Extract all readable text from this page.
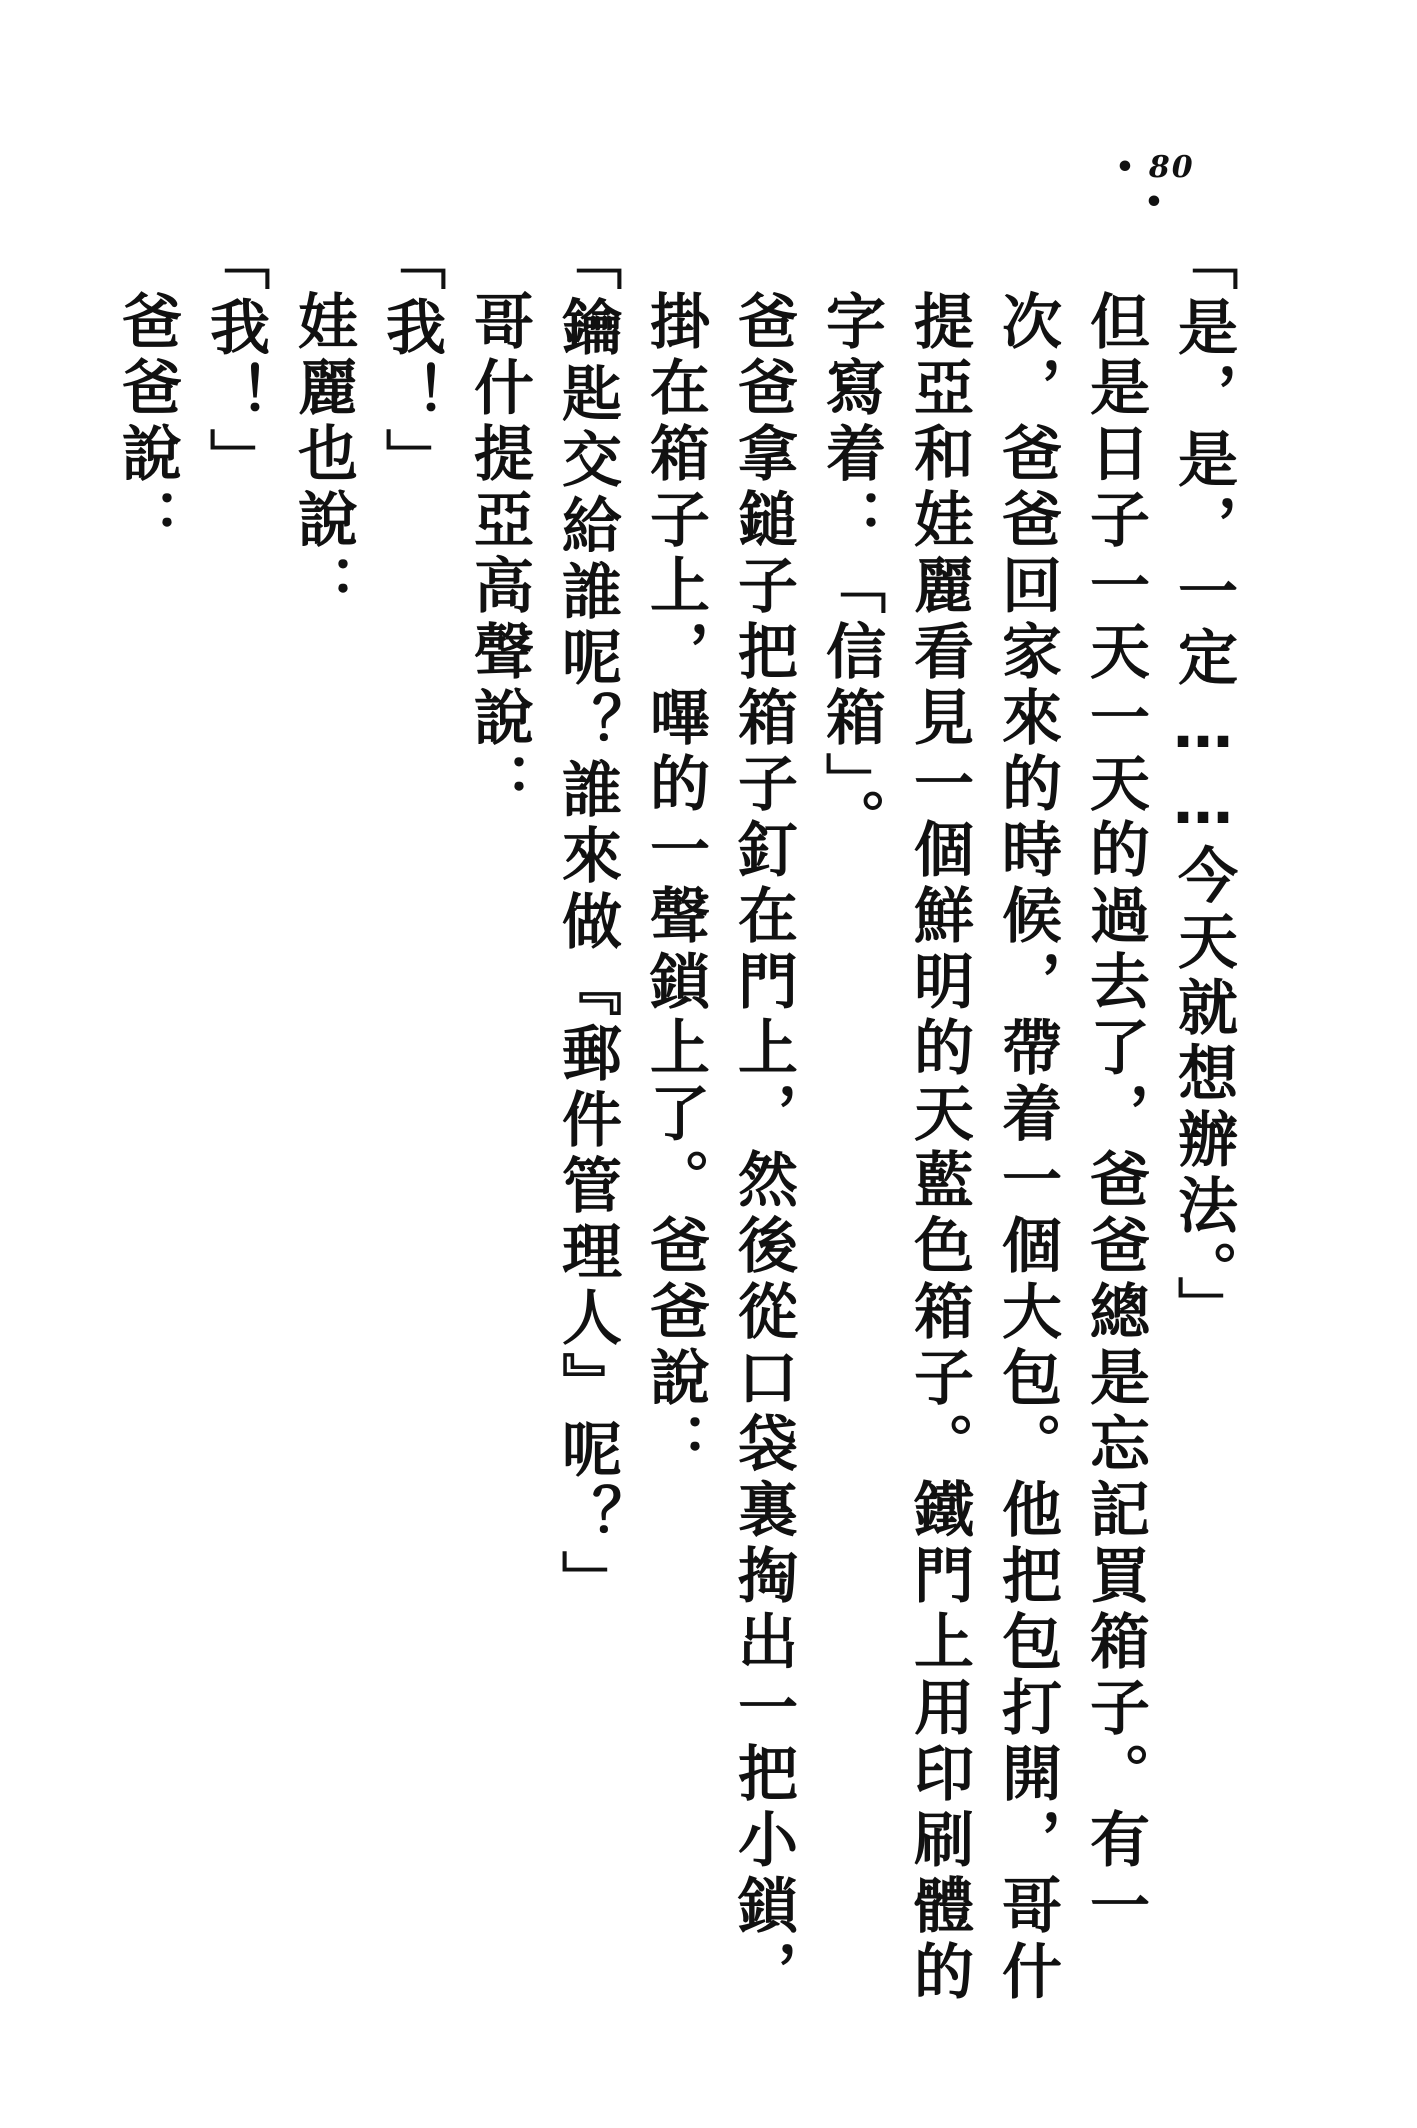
• 80 •

「是，是，一定……今天就想辦法。」

但是日子一天一天的過去了，爸爸總是忘記買箱子。有一次，爸爸回家來的時候，帶着一個大包。他把包打開，哥什提亞和娃麗看見一個鮮明的天藍色箱子。鐵門上用印刷體的字寫着：「信箱」。

爸爸拿鎚子把箱子釘在門上，然後從口袋裏掏出一把小鎖，掛在箱子上，嗶的一聲鎖上了。爸爸說：

「鑰匙交給誰呢？誰來做『郵件管理人』呢？」

哥什提亞高聲說：

「我！」

娃麗也說：

「我！」

爸爸說：
